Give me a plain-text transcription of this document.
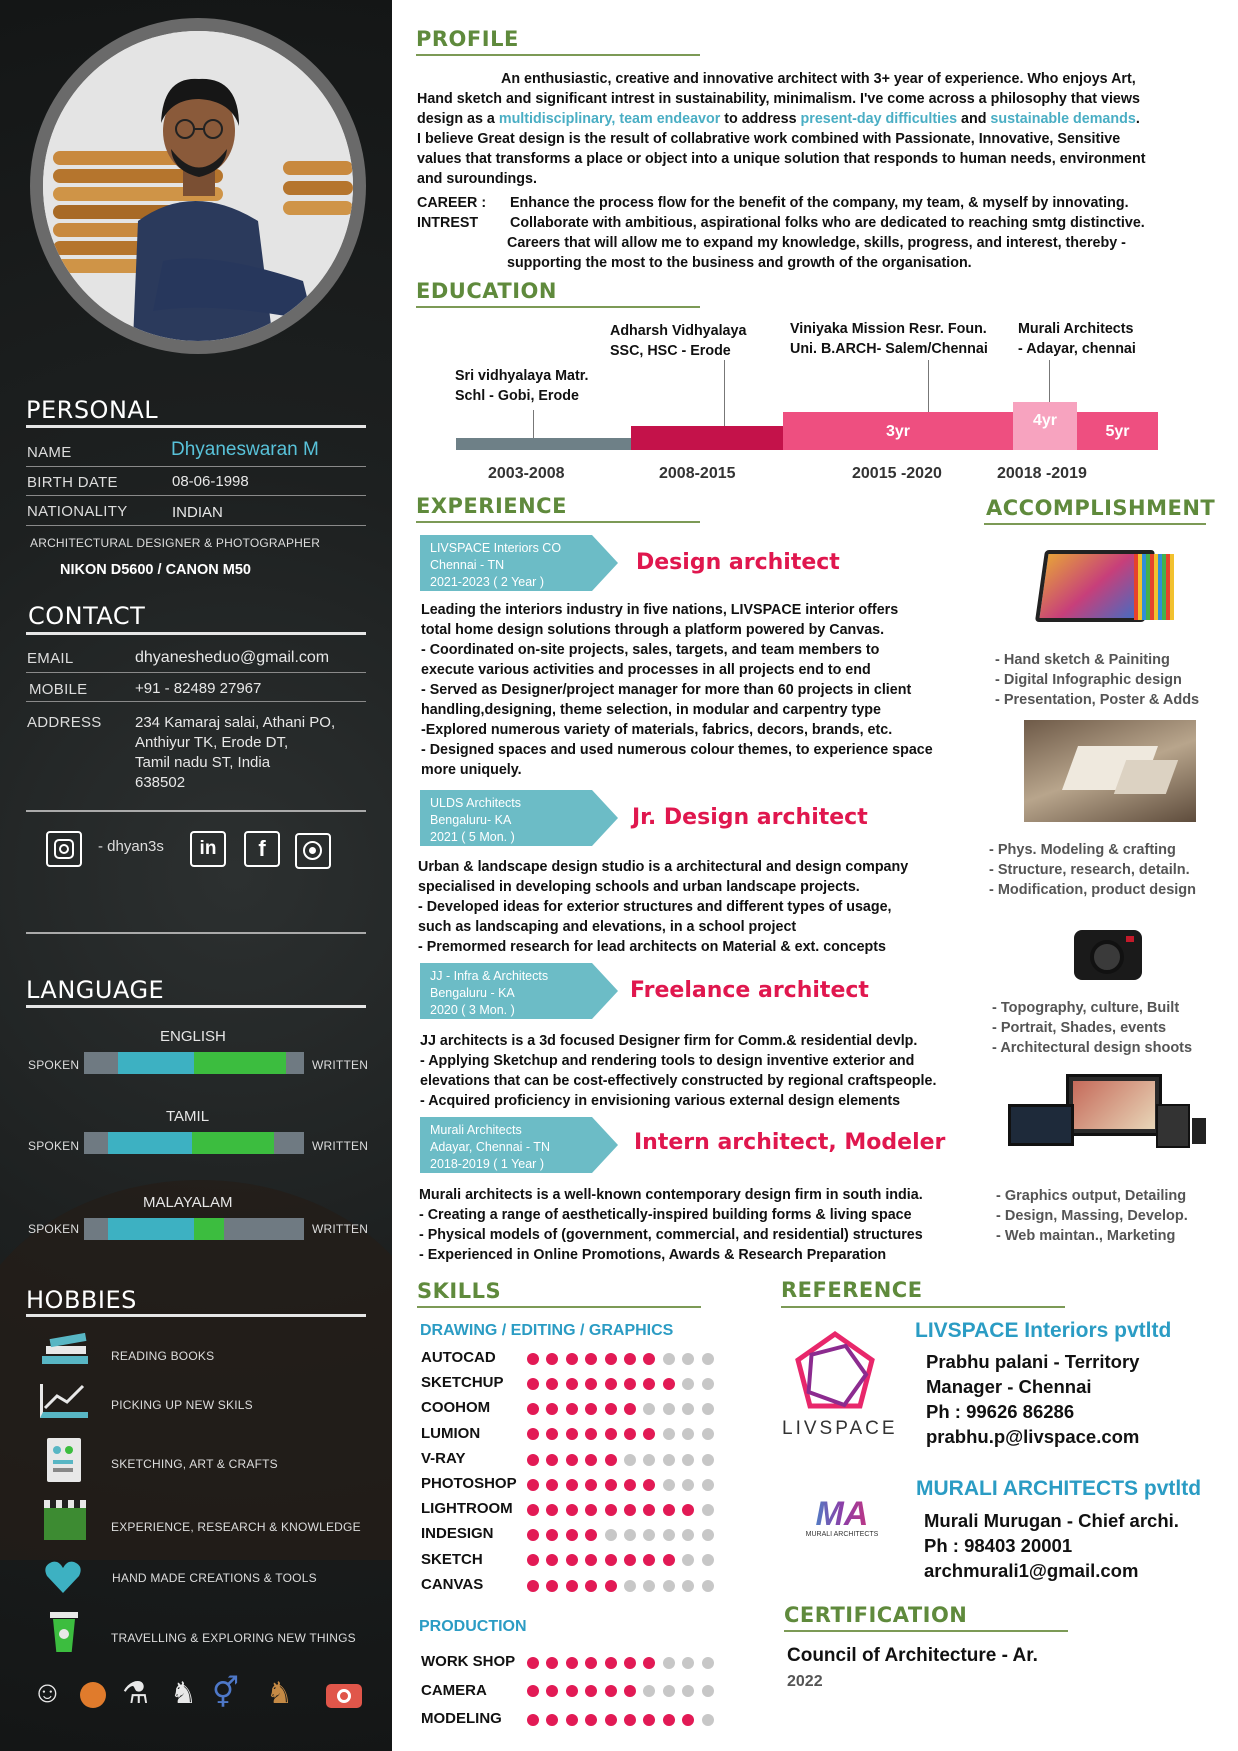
PERSONAL
NAME	Dhyaneswaran M
BIRTH DATE	08-06-1998
NATIONALITY	INDIAN
ARCHITECTURAL DESIGNER & PHOTOGRAPHER
NIKON D5600 / CANON M50
CONTACT
EMAIL	dhyanesheduo@gmail.com
MOBILE	+91 - 82489 27967
ADDRESS 234 Kamaraj salai, Athani PO,
Anthiyur TK, Erode DT,
Tamil nadu ST, India
638502
- dhyan3s	in	f
LANGUAGE
ENGLISH
SPOKEN	WRITTEN
TAMIL
SPOKEN	WRITTEN
MALAYALAM
SPOKEN	WRITTEN
HOBBIES
READING BOOKS
PICKING UP NEW SKILS
SKETCHING, ART & CRAFTS
EXPERIENCE, RESEARCH & KNOWLEDGE
HAND MADE CREATIONS & TOOLS
TRAVELLING & EXPLORING NEW THINGS
☺ ⚗ ♞ ⚥ ♞
PROFILE
An enthusiastic, creative and innovative architect with 3+ year of experience. Who enjoys Art,
Hand sketch and significant intrest in sustainability, minimalism. I've come across a philosophy that views
design as a multidisciplinary, team endeavor to address present-day difficulties and sustainable demands.
I believe Great design is the result of collabrative work combined with Passionate, Innovative, Sensitive
values that transforms a place or object into a unique solution that responds to human needs, environment
and suroundings.
CAREER :
INTREST
Enhance the process flow for the benefit of the company, my team, & myself by innovating.
Collaborate with ambitious, aspirational folks who are dedicated to reaching smtg distinctive.
Careers that will allow me to expand my knowledge, skills, progress, and interest, thereby -
supporting the most to the business and growth of the organisation.
EDUCATION
Sri vidhyalaya Matr.
Schl - Gobi, Erode
Adharsh Vidhyalaya
SSC, HSC - Erode
Viniyaka Mission Resr. Foun.
Uni. B.ARCH- Salem/Chennai
Murali Architects
- Adayar, chennai
3yr
4yr
5yr
2003-2008	2008-2015	20015 -2020	20018 -2019
EXPERIENCE
LIVSPACE Interiors CO
Chennai - TN
2021-2023 ( 2 Year )
Design architect
Leading the interiors industry in five nations, LIVSPACE interior offers
total home design solutions through a platform powered by Canvas.
- Coordinated on-site projects, sales, targets, and team members to
execute various activities and processes in all projects end to end
- Served as Designer/project manager for more than 60 projects in client
handling,designing, theme selection, in modular and carpentry type
-Explored numerous variety of materials, fabrics, decors, brands, etc.
- Designed spaces and used numerous colour themes, to experience space
more uniquely.
ULDS Architects
Bengaluru- KA
2021 ( 5 Mon. )
Jr. Design architect
Urban & landscape design studio is a architectural and design company
specialised in developing schools and urban landscape projects.
- Developed ideas for exterior structures and different types of usage,
such as landscaping and elevations, in a school project
- Premormed research for lead architects on Material & ext. concepts
JJ - Infra & Architects
Bengaluru - KA
2020 ( 3 Mon. )
Freelance architect
JJ architects is a 3d focused Designer firm for Comm.& residential devlp.
- Applying Sketchup and rendering tools to design inventive exterior and
elevations that can be cost-effectively constructed by regional craftspeople.
- Acquired proficiency in envisioning various external design elements
Murali Architects
Adayar, Chennai - TN
2018-2019 ( 1 Year )
Intern architect, Modeler
Murali architects is a well-known contemporary design firm in south india.
- Creating a range of aesthetically-inspired building forms & living space
- Physical models of (government, commercial, and residential) structures
- Experienced in Online Promotions, Awards & Research Preparation
ACCOMPLISHMENT
- Hand sketch & Painiting
- Digital Infographic design
- Presentation, Poster & Adds
- Phys. Modeling & crafting
- Structure, research, detailn.
- Modification, product design
- Topography, culture, Built
- Portrait, Shades, events
- Architectural design shoots
- Graphics output, Detailing
- Design, Massing, Develop.
- Web maintan., Marketing
SKILLS
DRAWING / EDITING / GRAPHICS
AUTOCAD
SKETCHUP
COOHOM
LUMION
V-RAY
PHOTOSHOP
LIGHTROOM
INDESIGN
SKETCH
CANVAS
PRODUCTION
WORK SHOP
CAMERA
MODELING
REFERENCE
LIVSPACE
LIVSPACE Interiors pvtltd
Prabhu palani - Territory
Manager - Chennai
Ph : 99626 86286
prabhu.p@livspace.com
MA
MURALI ARCHITECTS
MURALI ARCHITECTS pvtltd
Murali Murugan - Chief archi.
Ph : 98403 20001
archmurali1@gmail.com
CERTIFICATION
Council of Architecture - Ar.
2022
